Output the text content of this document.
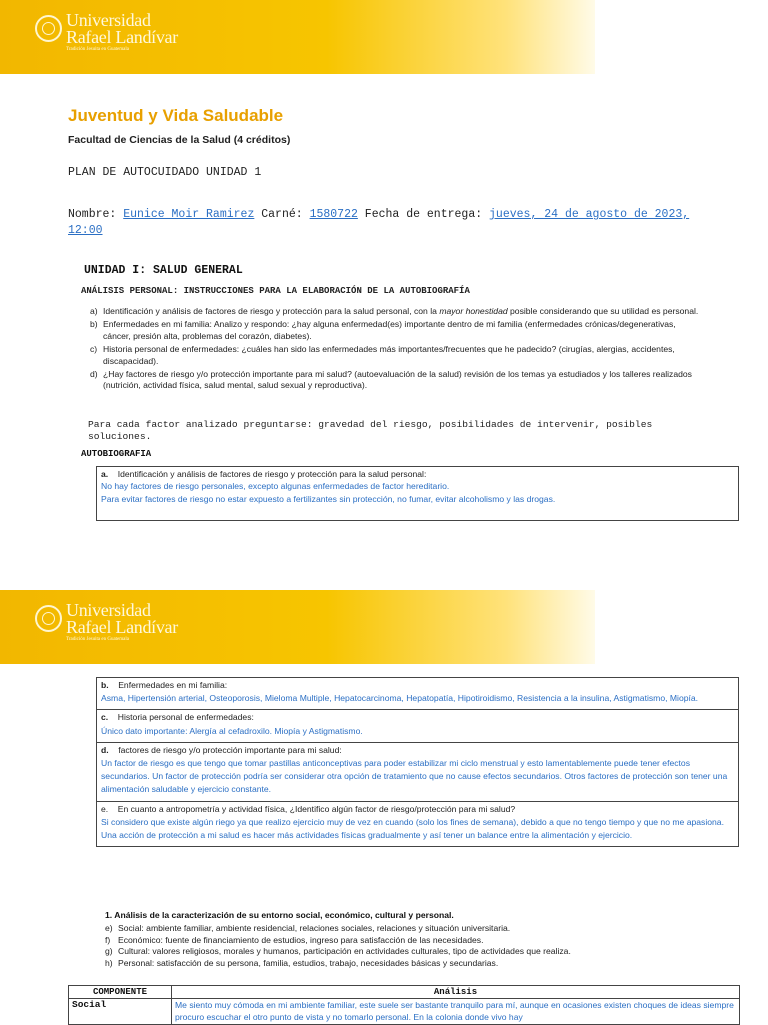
Universidad
Rafael Landívar
Tradición Jesuita en Guatemala
Juventud y Vida Saludable
Facultad de Ciencias de la Salud (4 créditos)
PLAN DE AUTOCUIDADO UNIDAD 1
Nombre: Eunice Moir Ramirez Carné: 1580722 Fecha de entrega: jueves, 24 de agosto de 2023, 12:00
UNIDAD I: SALUD GENERAL
ANÁLISIS PERSONAL: INSTRUCCIONES PARA LA ELABORACIÓN DE LA AUTOBIOGRAFÍA
a) Identificación y análisis de factores de riesgo y protección para la salud personal, con la mayor honestidad posible considerando que su utilidad es personal.
b) Enfermedades en mi familia: Analizo y respondo: ¿hay alguna enfermedad(es) importante dentro de mi familia (enfermedades crónicas/degenerativas, cáncer, presión alta, problemas del corazón, diabetes).
c) Historia personal de enfermedades: ¿cuáles han sido las enfermedades más importantes/frecuentes que he padecido? (cirugías, alergias, accidentes, discapacidad).
d) ¿Hay factores de riesgo y/o protección importante para mi salud? (autoevaluación de la salud) revisión de los temas ya estudiados y los talleres realizados (nutrición, actividad física, salud mental, salud sexual y reproductiva).
Para cada factor analizado preguntarse: gravedad del riesgo, posibilidades de intervenir, posibles soluciones.
AUTOBIOGRAFIA
a. Identificación y análisis de factores de riesgo y protección para la salud personal:
No hay factores de riesgo personales, excepto algunas enfermedades de factor hereditario.
Para evitar factores de riesgo no estar expuesto a fertilizantes sin protección, no fumar, evitar alcoholismo y las drogas.
Universidad
Rafael Landívar
Tradición Jesuita en Guatemala
b. Enfermedades en mi familia:
Asma, Hipertensión arterial, Osteoporosis, Mieloma Multiple, Hepatocarcinoma, Hepatopatía, Hipotiroidismo, Resistencia a la insulina, Astigmatismo, Miopía.
c. Historia personal de enfermedades:
Único dato importante: Alergía al cefadroxilo. Miopía y Astigmatismo.
d. factores de riesgo y/o protección importante para mi salud:
Un factor de riesgo es que tengo que tomar pastillas anticonceptivas para poder estabilizar mi ciclo menstrual y esto lamentablemente puede tener efectos secundarios. Un factor de protección podría ser considerar otra opción de tratamiento que no cause efectos secundarios. Otros factores de protección son tener una alimentación saludable y ejercicio constante.
e. En cuanto a antropometría y actividad física, ¿Identifico algún factor de riesgo/protección para mi salud?
Si considero que existe algún riego ya que realizo ejercicio muy de vez en cuando (solo los fines de semana), debido a que no tengo tiempo y que no me apasiona. Una acción de protección a mi salud es hacer más actividades físicas gradualmente y así tener un balance entre la alimentación y ejercicio.
1. Análisis de la caracterización de su entorno social, económico, cultural y personal.
e) Social: ambiente familiar, ambiente residencial, relaciones sociales, relaciones y situación universitaria.
f) Económico: fuente de financiamiento de estudios, ingreso para satisfacción de las necesidades.
g) Cultural: valores religiosos, morales y humanos, participación en actividades culturales, tipo de actividades que realiza.
h) Personal: satisfacción de su persona, familia, estudios, trabajo, necesidades básicas y secundarias.
COMPONENTE	Análisis
Social	Me siento muy cómoda en mi ambiente familiar, este suele ser bastante tranquilo para mí, aunque en ocasiones existen choques de ideas siempre procuro escuchar el otro punto de vista y no tomarlo personal. En la colonia donde vivo hay
